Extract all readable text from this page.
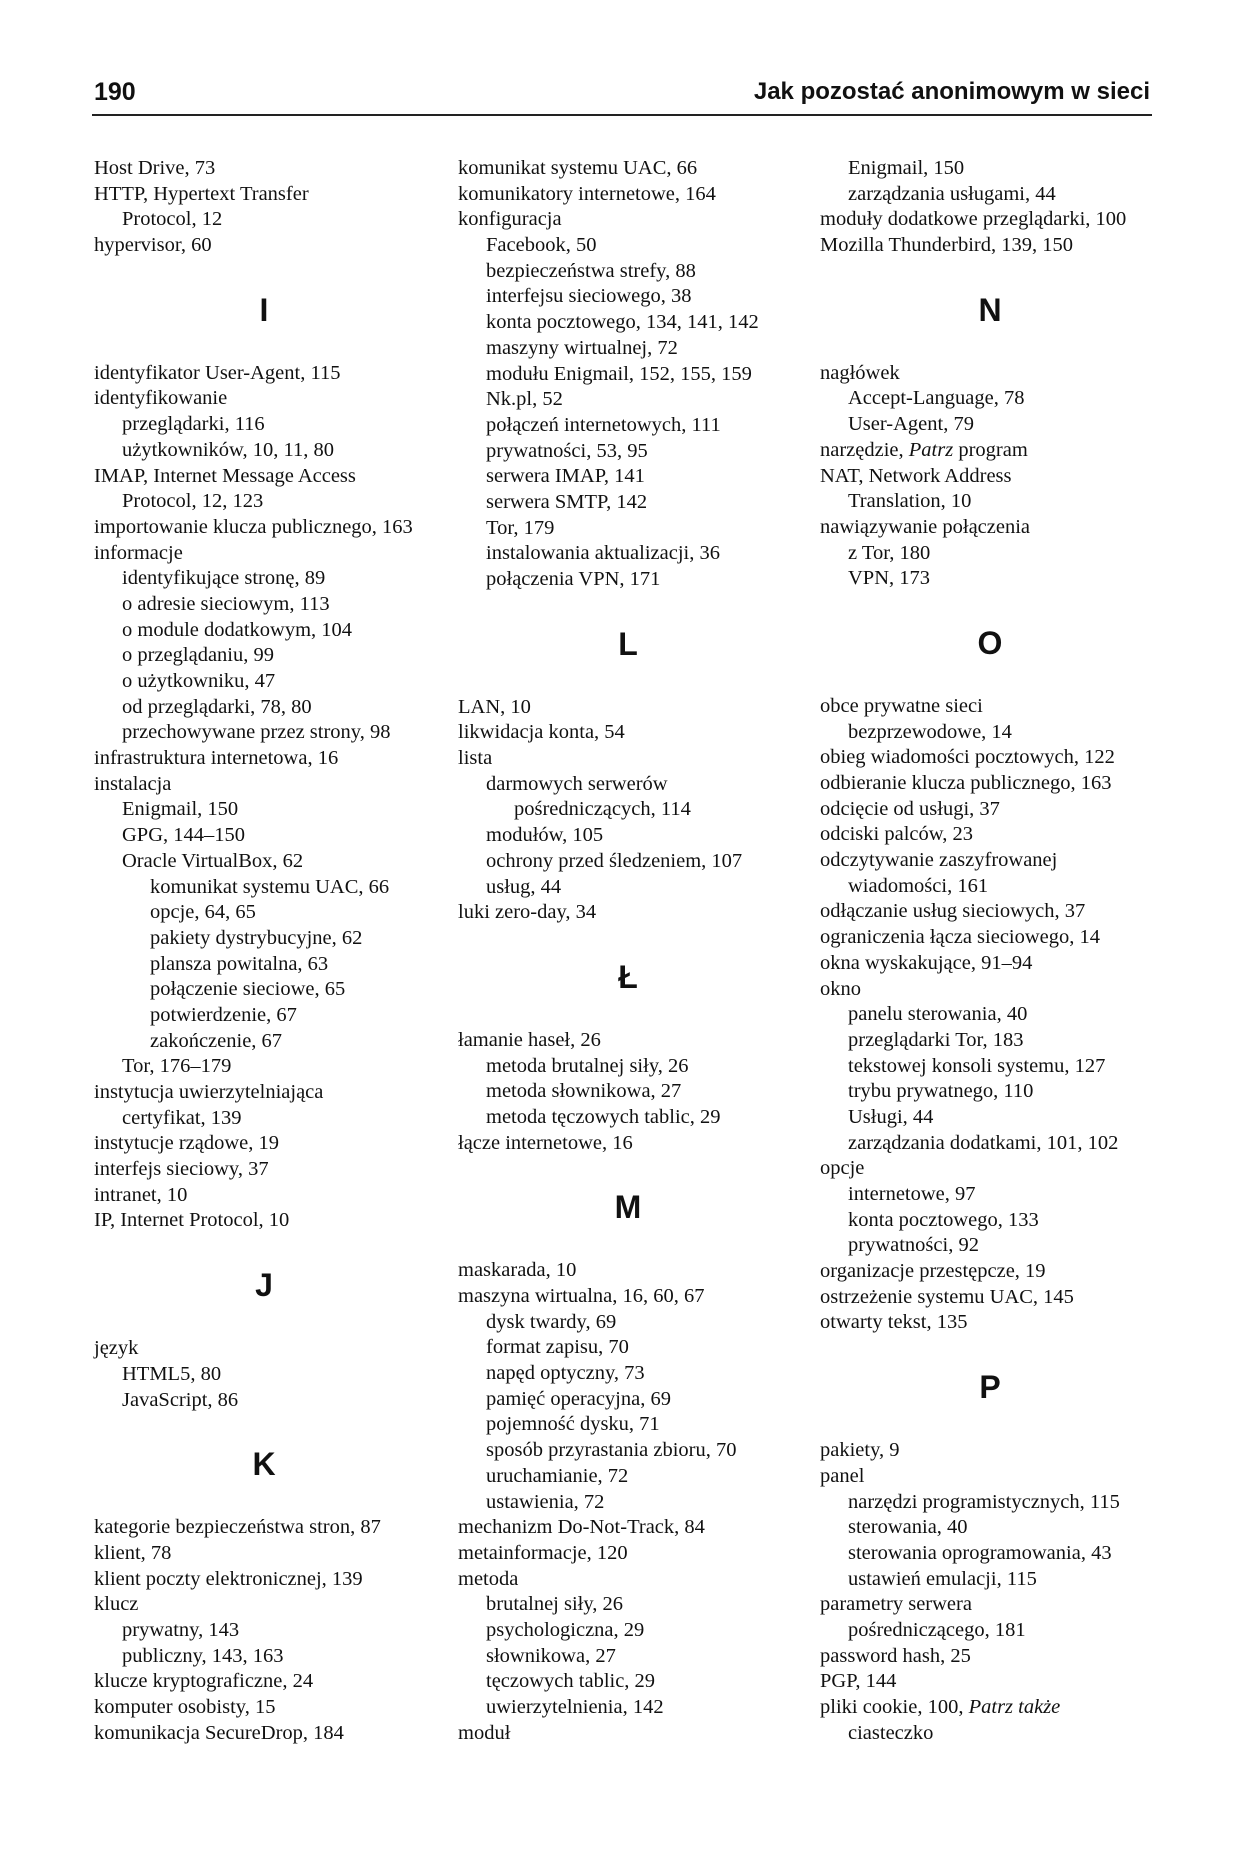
190	Jak pozostać anonimowym w sieci
Host Drive, 73
HTTP, Hypertext Transfer
Protocol, 12
hypervisor, 60
I
identyfikator User-Agent, 115
identyfikowanie
przeglądarki, 116
użytkowników, 10, 11, 80
IMAP, Internet Message Access
Protocol, 12, 123
importowanie klucza publicznego, 163
informacje
identyfikujące stronę, 89
o adresie sieciowym, 113
o module dodatkowym, 104
o przeglądaniu, 99
o użytkowniku, 47
od przeglądarki, 78, 80
przechowywane przez strony, 98
infrastruktura internetowa, 16
instalacja
Enigmail, 150
GPG, 144–150
Oracle VirtualBox, 62
komunikat systemu UAC, 66
opcje, 64, 65
pakiety dystrybucyjne, 62
plansza powitalna, 63
połączenie sieciowe, 65
potwierdzenie, 67
zakończenie, 67
Tor, 176–179
instytucja uwierzytelniająca
certyfikat, 139
instytucje rządowe, 19
interfejs sieciowy, 37
intranet, 10
IP, Internet Protocol, 10
J
język
HTML5, 80
JavaScript, 86
K
kategorie bezpieczeństwa stron, 87
klient, 78
klient poczty elektronicznej, 139
klucz
prywatny, 143
publiczny, 143, 163
klucze kryptograficzne, 24
komputer osobisty, 15
komunikacja SecureDrop, 184
komunikat systemu UAC, 66
komunikatory internetowe, 164
konfiguracja
Facebook, 50
bezpieczeństwa strefy, 88
interfejsu sieciowego, 38
konta pocztowego, 134, 141, 142
maszyny wirtualnej, 72
modułu Enigmail, 152, 155, 159
Nk.pl, 52
połączeń internetowych, 111
prywatności, 53, 95
serwera IMAP, 141
serwera SMTP, 142
Tor, 179
instalowania aktualizacji, 36
połączenia VPN, 171
L
LAN, 10
likwidacja konta, 54
lista
darmowych serwerów
pośredniczących, 114
modułów, 105
ochrony przed śledzeniem, 107
usług, 44
luki zero-day, 34
Ł
łamanie haseł, 26
metoda brutalnej siły, 26
metoda słownikowa, 27
metoda tęczowych tablic, 29
łącze internetowe, 16
M
maskarada, 10
maszyna wirtualna, 16, 60, 67
dysk twardy, 69
format zapisu, 70
napęd optyczny, 73
pamięć operacyjna, 69
pojemność dysku, 71
sposób przyrastania zbioru, 70
uruchamianie, 72
ustawienia, 72
mechanizm Do-Not-Track, 84
metainformacje, 120
metoda
brutalnej siły, 26
psychologiczna, 29
słownikowa, 27
tęczowych tablic, 29
uwierzytelnienia, 142
moduł
Enigmail, 150
zarządzania usługami, 44
moduły dodatkowe przeglądarki, 100
Mozilla Thunderbird, 139, 150
N
nagłówek
Accept-Language, 78
User-Agent, 79
narzędzie, Patrz program
NAT, Network Address
Translation, 10
nawiązywanie połączenia
z Tor, 180
VPN, 173
O
obce prywatne sieci
bezprzewodowe, 14
obieg wiadomości pocztowych, 122
odbieranie klucza publicznego, 163
odcięcie od usługi, 37
odciski palców, 23
odczytywanie zaszyfrowanej
wiadomości, 161
odłączanie usług sieciowych, 37
ograniczenia łącza sieciowego, 14
okna wyskakujące, 91–94
okno
panelu sterowania, 40
przeglądarki Tor, 183
tekstowej konsoli systemu, 127
trybu prywatnego, 110
Usługi, 44
zarządzania dodatkami, 101, 102
opcje
internetowe, 97
konta pocztowego, 133
prywatności, 92
organizacje przestępcze, 19
ostrzeżenie systemu UAC, 145
otwarty tekst, 135
P
pakiety, 9
panel
narzędzi programistycznych, 115
sterowania, 40
sterowania oprogramowania, 43
ustawień emulacji, 115
parametry serwera
pośredniczącego, 181
password hash, 25
PGP, 144
pliki cookie, 100, Patrz także
ciasteczko
